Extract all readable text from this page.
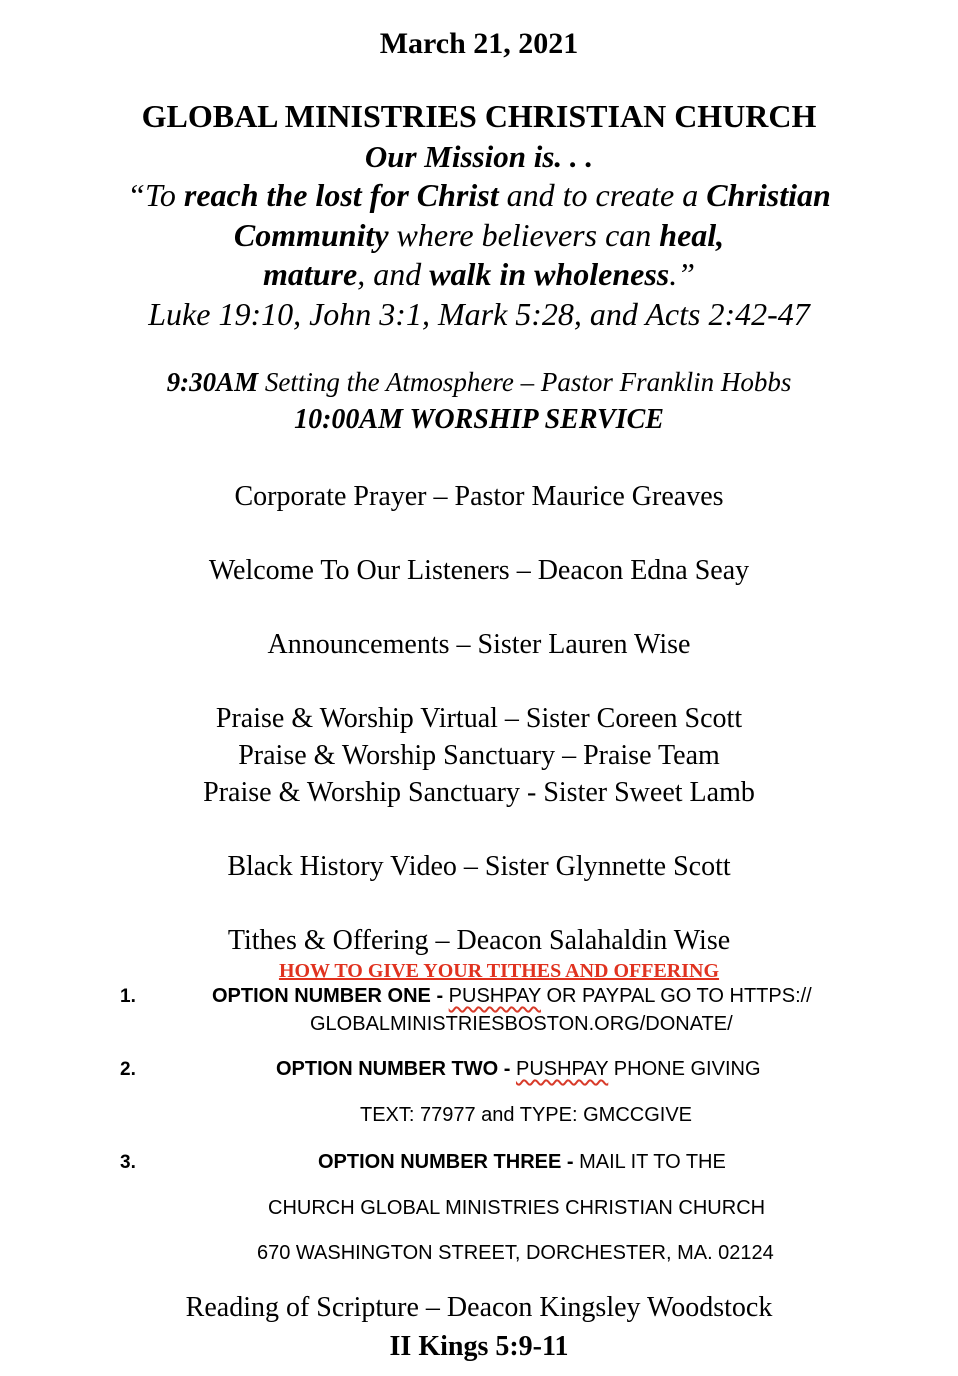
March 21, 2021
GLOBAL MINISTRIES CHRISTIAN CHURCH
Our Mission is. . .
“To reach the lost for Christ and to create a Christian
Community where believers can heal,
mature, and walk in wholeness.”
Luke 19:10, John 3:1, Mark 5:28, and Acts 2:42-47
9:30AM Setting the Atmosphere – Pastor Franklin Hobbs
10:00AM WORSHIP SERVICE
Corporate Prayer – Pastor Maurice Greaves
Welcome To Our Listeners – Deacon Edna Seay
Announcements – Sister Lauren Wise
Praise & Worship Virtual – Sister Coreen Scott
Praise & Worship Sanctuary – Praise Team
Praise & Worship Sanctuary - Sister Sweet Lamb
Black History Video – Sister Glynnette Scott
Tithes & Offering – Deacon Salahaldin Wise
HOW TO GIVE YOUR TITHES AND OFFERING
1.	OPTION NUMBER ONE - PUSHPAY OR PAYPAL GO TO HTTPS://
GLOBALMINISTRIESBOSTON.ORG/DONATE/
2.	OPTION NUMBER TWO - PUSHPAY PHONE GIVING
TEXT: 77977 and TYPE: GMCCGIVE
3.	OPTION NUMBER THREE - MAIL IT TO THE
CHURCH GLOBAL MINISTRIES CHRISTIAN CHURCH
670 WASHINGTON STREET, DORCHESTER, MA. 02124
Reading of Scripture – Deacon Kingsley Woodstock
II Kings 5:9-11
